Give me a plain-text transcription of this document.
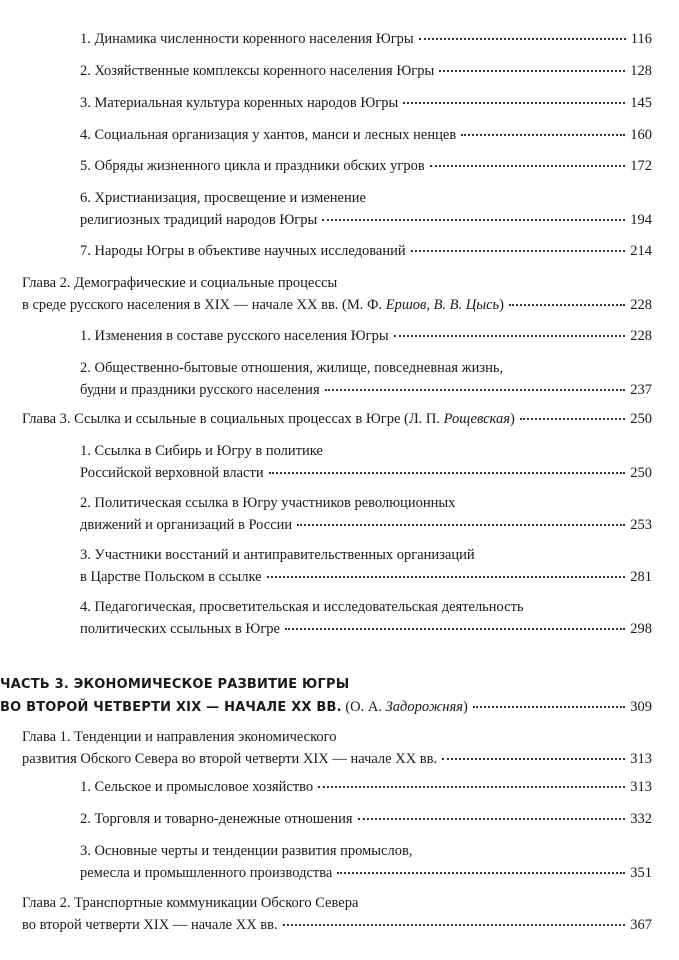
1. Динамика численности коренного населения Югры	116
2. Хозяйственные комплексы коренного населения Югры	128
3. Материальная культура коренных народов Югры	145
4. Социальная организация у хантов, манси и лесных ненцев	160
5. Обряды жизненного цикла и праздники обских угров	172
6. Христианизация, просвещение и изменение
религиозных традиций народов Югры	194
7. Народы Югры в объективе научных исследований	214
Глава 2. Демографические и социальные процессы
в среде русского населения в XIX — начале XX вв. (М. Ф. Ершов, В. В. Цысь)	228
1. Изменения в составе русского населения Югры	228
2. Общественно-бытовые отношения, жилище, повседневная жизнь,
будни и праздники русского населения	237
Глава 3. Ссылка и ссыльные в социальных процессах в Югре (Л. П. Рощевская)	250
1. Ссылка в Сибирь и Югру в политике
Российской верховной власти	250
2. Политическая ссылка в Югру участников революционных
движений и организаций в России	253
3. Участники восстаний и антиправительственных организаций
в Царстве Польском в ссылке	281
4. Педагогическая, просветительская и исследовательская деятельность
политических ссыльных в Югре	298
ЧАСТЬ 3. ЭКОНОМИЧЕСКОЕ РАЗВИТИЕ ЮГРЫ
ВО ВТОРОЙ ЧЕТВЕРТИ XIX — НАЧАЛЕ XX ВВ. (О. А. Задорожняя)	309
Глава 1. Тенденции и направления экономического
развития Обского Севера во второй четверти XIX — начале XX вв.	313
1. Сельское и промысловое хозяйство	313
2. Торговля и товарно-денежные отношения	332
3. Основные черты и тенденции развития промыслов,
ремесла и промышленного производства	351
Глава 2. Транспортные коммуникации Обского Севера
во второй четверти XIX — начале XX вв.	367
